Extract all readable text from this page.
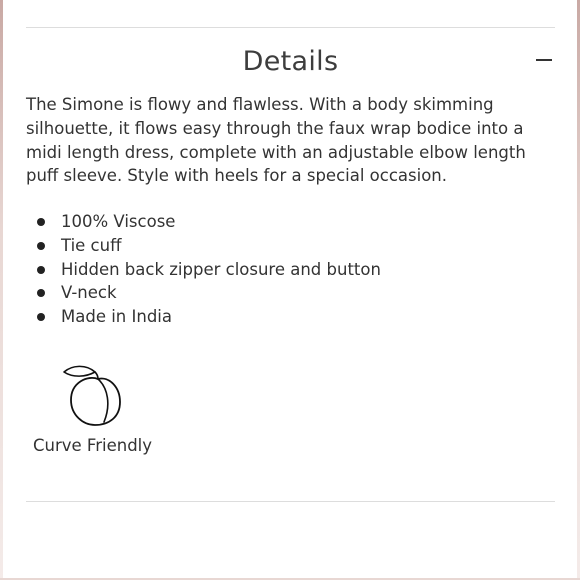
Details

The Simone is flowy and flawless. With a body skimming silhouette, it flows easy through the faux wrap bodice into a midi length dress, complete with an adjustable elbow length puff sleeve. Style with heels for a special occasion.

100% Viscose
Tie cuff
Hidden back zipper closure and button
V-neck
Made in India
Curve Friendly
